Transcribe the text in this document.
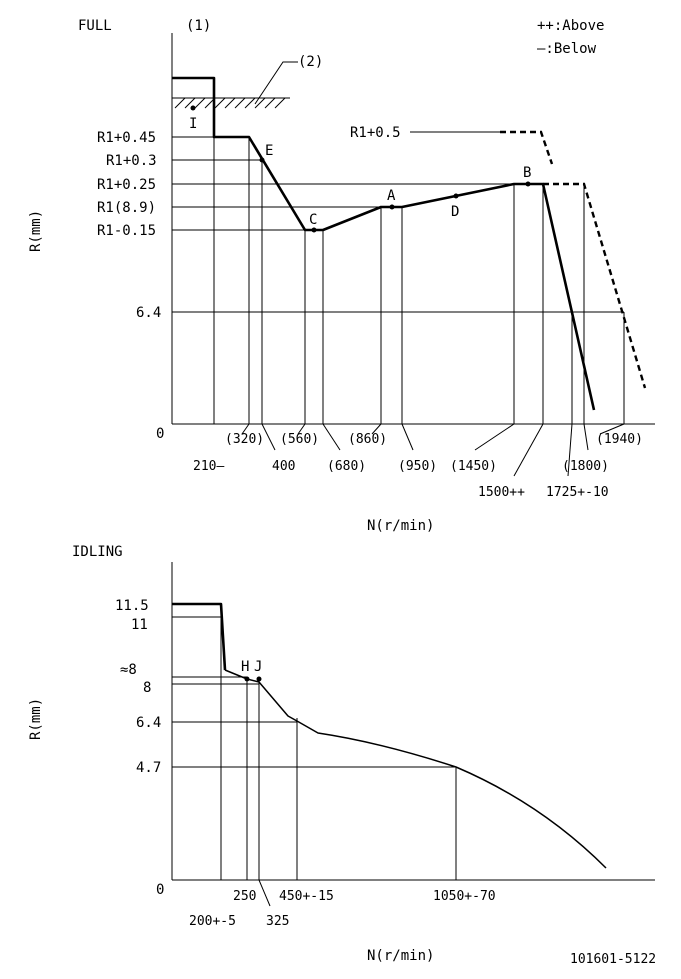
FULL	(1)	++:Above
—:Below
0
R(mm)
N(r/min)
(2)
R1+0.45
R1+0.3
R1+0.25
R1(8.9)
R1-0.15
6.4
R1+0.5
210—
(320)
400
(560)
(680)
(860)
(950) (1450)
1500++ 1725+-10
(1800)
(1940)
I
E
C
A
D
B
IDLING
0
R(mm)
N(r/min)
11.5
11
≈8
8
6.4
4.7
200+-5
250
325
450+-15	1050+-70
H J
101601-5122
